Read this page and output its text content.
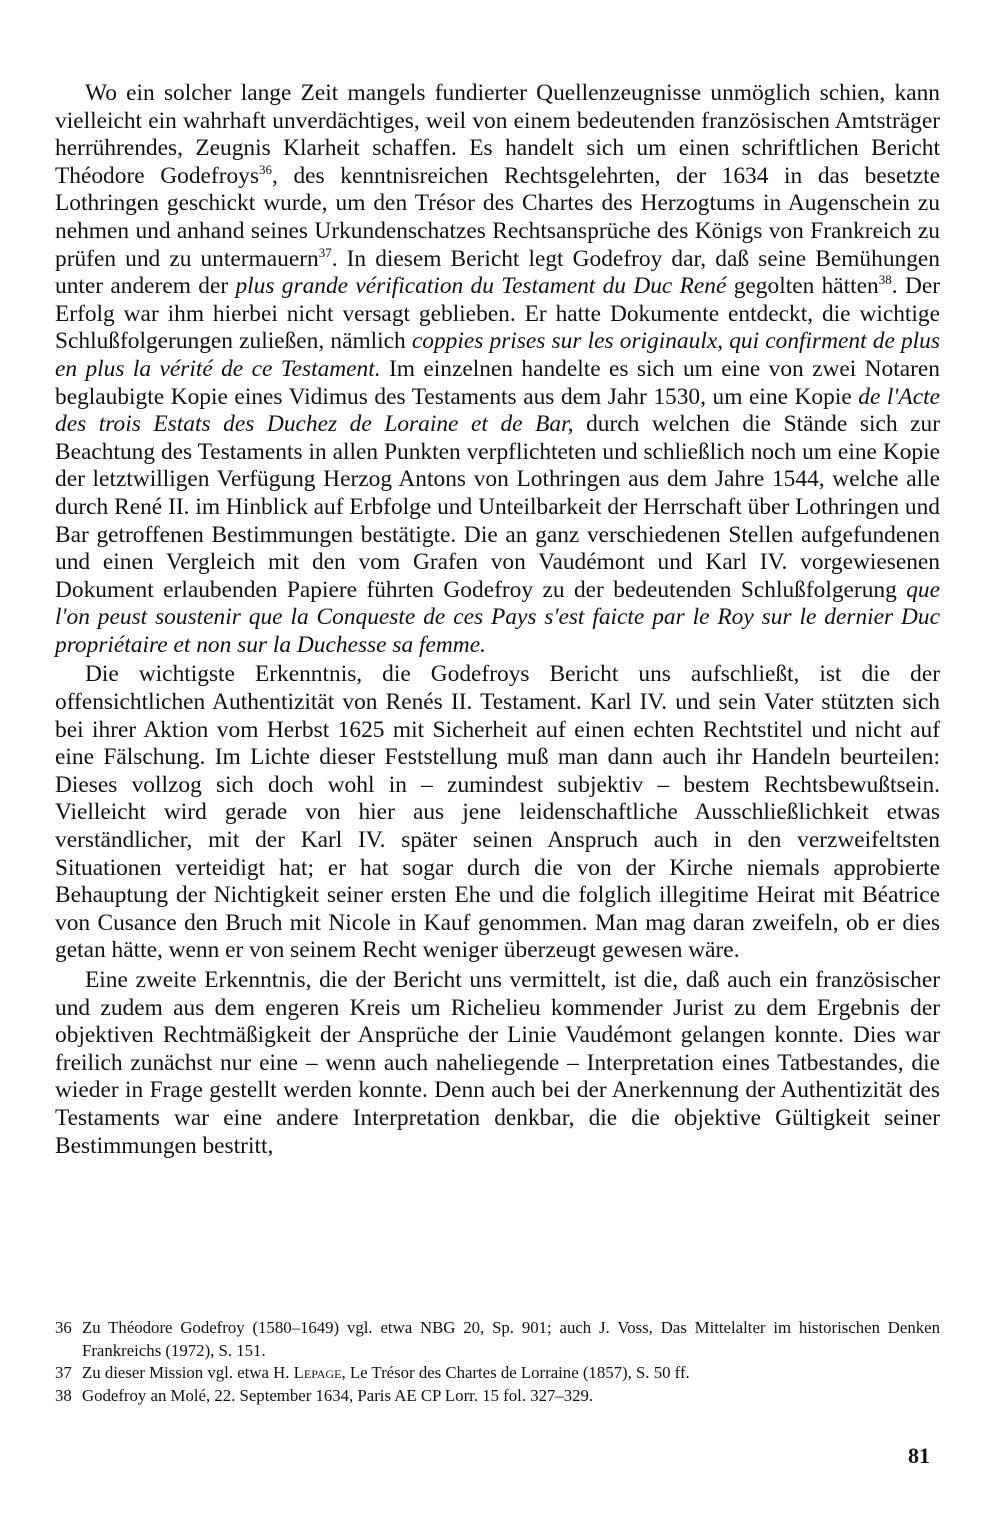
Wo ein solcher lange Zeit mangels fundierter Quellenzeugnisse unmöglich schien, kann vielleicht ein wahrhaft unverdächtiges, weil von einem bedeutenden französischen Amtsträger herrührendes, Zeugnis Klarheit schaffen. Es handelt sich um einen schriftlichen Bericht Théodore Godefroys$^{36}$, des kenntnisreichen Rechtsgelehrten, der 1634 in das besetzte Lothringen geschickt wurde, um den Trésor des Chartes des Herzogtums in Augenschein zu nehmen und anhand seines Urkundenschatzes Rechtsansprüche des Königs von Frankreich zu prüfen und zu untermauern$^{37}$. In diesem Bericht legt Godefroy dar, daß seine Bemühungen unter anderem der plus grande vérification du Testament du Duc René gegolten hätten$^{38}$. Der Erfolg war ihm hierbei nicht versagt geblieben. Er hatte Dokumente entdeckt, die wichtige Schlußfolgerungen zuließen, nämlich coppies prises sur les originaulx, qui confirment de plus en plus la vérité de ce Testament. Im einzelnen handelte es sich um eine von zwei Notaren beglaubigte Kopie eines Vidimus des Testaments aus dem Jahr 1530, um eine Kopie de l'Acte des trois Estats des Duchez de Loraine et de Bar, durch welchen die Stände sich zur Beachtung des Testaments in allen Punkten verpflichteten und schließlich noch um eine Kopie der letztwilligen Verfügung Herzog Antons von Lothringen aus dem Jahre 1544, welche alle durch René II. im Hinblick auf Erbfolge und Unteilbarkeit der Herrschaft über Lothringen und Bar getroffenen Bestimmungen bestätigte. Die an ganz verschiedenen Stellen aufgefundenen und einen Vergleich mit den vom Grafen von Vaudémont und Karl IV. vorgewiesenen Dokument erlaubenden Papiere führten Godefroy zu der bedeutenden Schlußfolgerung que l'on peust soustenir que la Conqueste de ces Pays s'est faicte par le Roy sur le dernier Duc propriétaire et non sur la Duchesse sa femme.

Die wichtigste Erkenntnis, die Godefroys Bericht uns aufschließt, ist die der offensichtlichen Authentizität von Renés II. Testament. Karl IV. und sein Vater stützten sich bei ihrer Aktion vom Herbst 1625 mit Sicherheit auf einen echten Rechtstitel und nicht auf eine Fälschung. Im Lichte dieser Feststellung muß man dann auch ihr Handeln beurteilen: Dieses vollzog sich doch wohl in – zumindest subjektiv – bestem Rechtsbewußtsein. Vielleicht wird gerade von hier aus jene leidenschaftliche Ausschließlichkeit etwas verständlicher, mit der Karl IV. später seinen Anspruch auch in den verzweifeltsten Situationen verteidigt hat; er hat sogar durch die von der Kirche niemals approbierte Behauptung der Nichtigkeit seiner ersten Ehe und die folglich illegitime Heirat mit Béatrice von Cusance den Bruch mit Nicole in Kauf genommen. Man mag daran zweifeln, ob er dies getan hätte, wenn er von seinem Recht weniger überzeugt gewesen wäre.

Eine zweite Erkenntnis, die der Bericht uns vermittelt, ist die, daß auch ein französischer und zudem aus dem engeren Kreis um Richelieu kommender Jurist zu dem Ergebnis der objektiven Rechtmäßigkeit der Ansprüche der Linie Vaudémont gelangen konnte. Dies war freilich zunächst nur eine – wenn auch naheliegende – Interpretation eines Tatbestandes, die wieder in Frage gestellt werden konnte. Denn auch bei der Anerkennung der Authentizität des Testaments war eine andere Interpretation denkbar, die die objektive Gültigkeit seiner Bestimmungen bestritt,

36 Zu Théodore Godefroy (1580–1649) vgl. etwa NBG 20, Sp. 901; auch J. Voss, Das Mittelalter im historischen Denken Frankreichs (1972), S. 151.

37 Zu dieser Mission vgl. etwa H. Lepage, Le Trésor des Chartes de Lorraine (1857), S. 50 ff.

38 Godefroy an Molé, 22. September 1634, Paris AE CP Lorr. 15 fol. 327–329.

81
